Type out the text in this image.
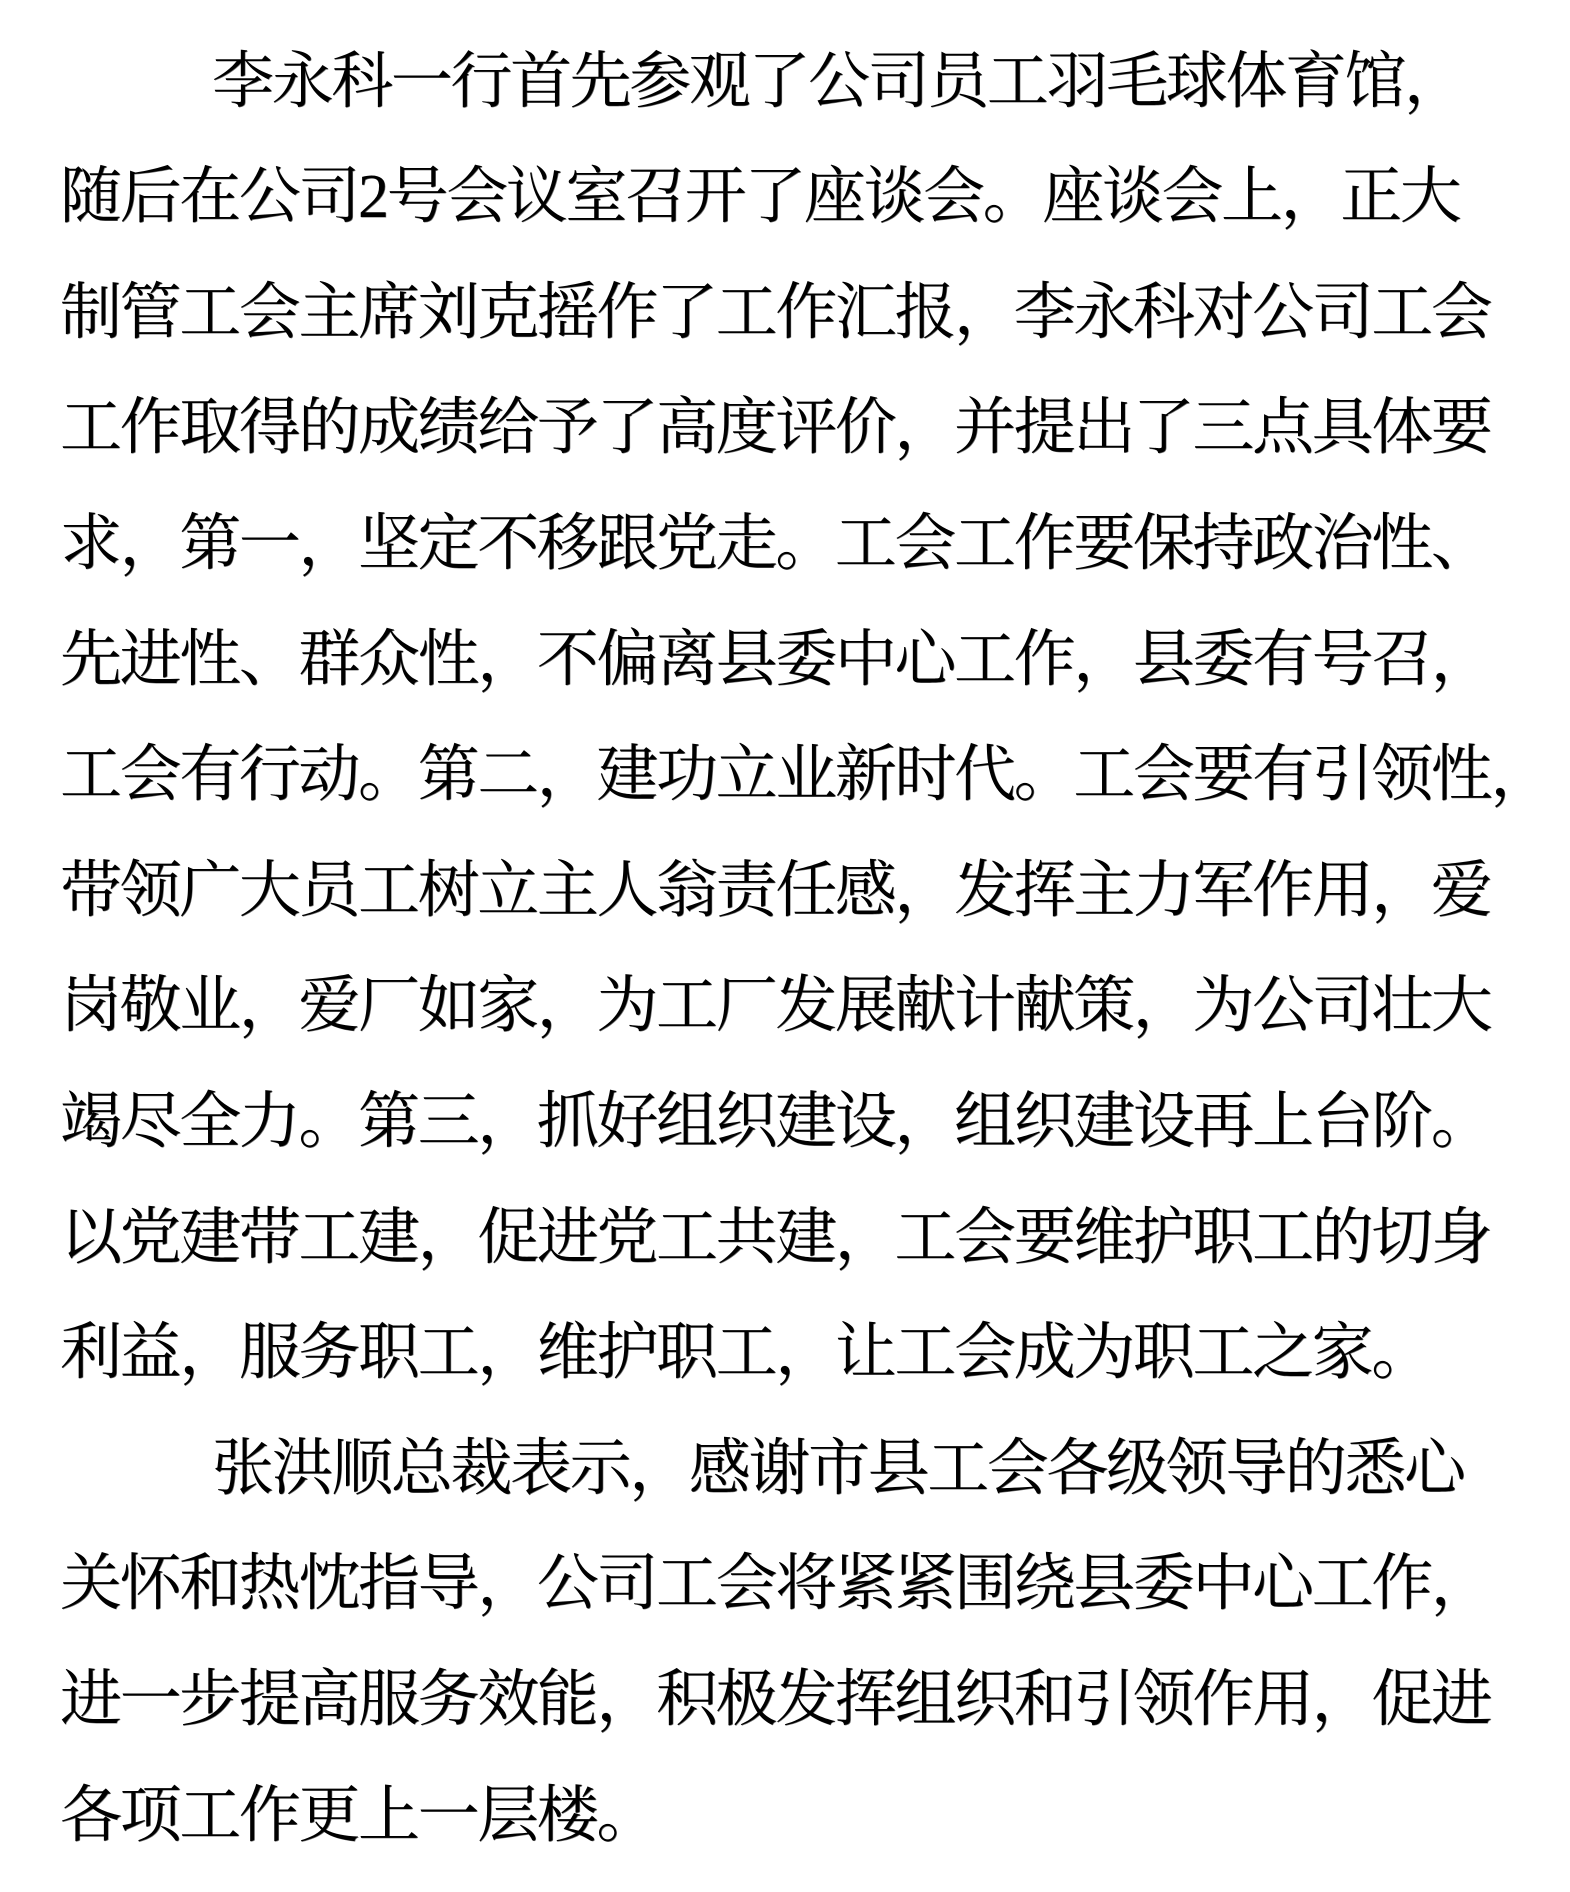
李永科一行首先参观了公司员工羽毛球体育馆，
随后在公司2号会议室召开了座谈会。座谈会上，正大
制管工会主席刘克摇作了工作汇报，李永科对公司工会
工作取得的成绩给予了高度评价，并提出了三点具体要
求，第一，坚定不移跟党走。工会工作要保持政治性、
先进性、群众性，不偏离县委中心工作，县委有号召，
工会有行动。第二，建功立业新时代。工会要有引领性，
带领广大员工树立主人翁责任感，发挥主力军作用，爱
岗敬业，爱厂如家，为工厂发展献计献策，为公司壮大
竭尽全力。第三，抓好组织建设，组织建设再上台阶。
以党建带工建，促进党工共建，工会要维护职工的切身
利益，服务职工，维护职工，让工会成为职工之家。
张洪顺总裁表示，感谢市县工会各级领导的悉心
关怀和热忱指导，公司工会将紧紧围绕县委中心工作，
进一步提高服务效能，积极发挥组织和引领作用，促进
各项工作更上一层楼。
